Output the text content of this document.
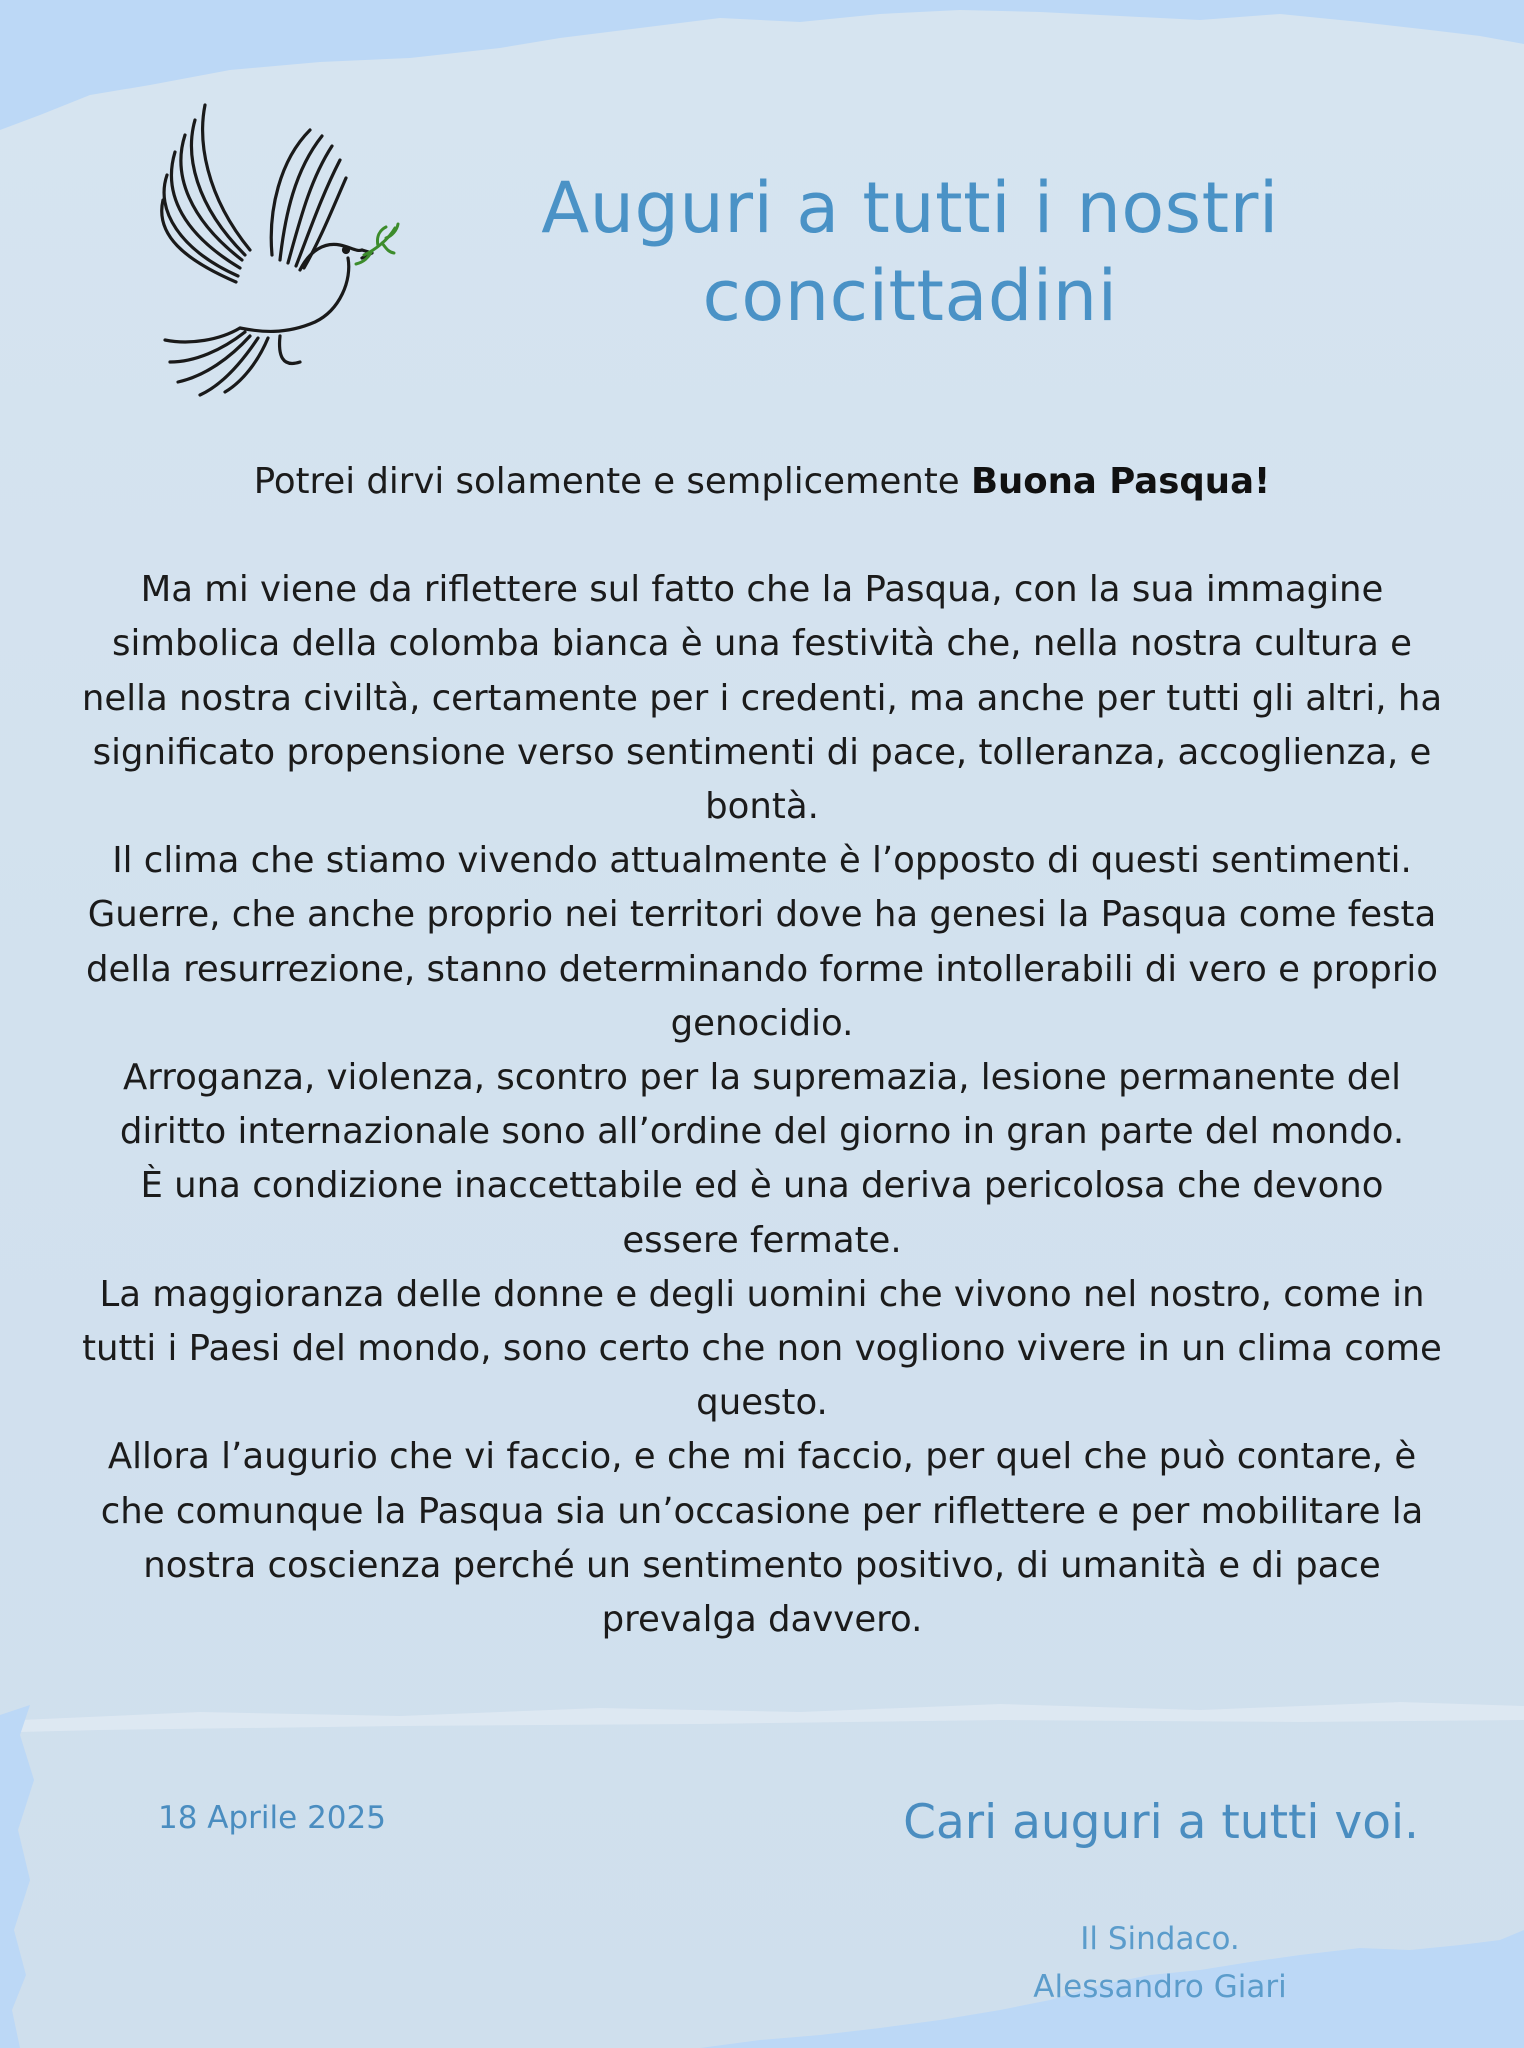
Auguri a tutti i nostri
concittadini

Potrei dirvi solamente e semplicemente Buona Pasqua!

Ma mi viene da riflettere sul fatto che la Pasqua, con la sua immagine simbolica della colomba bianca è una festività che, nella nostra cultura e nella nostra civiltà, certamente per i credenti, ma anche per tutti gli altri, ha significato propensione verso sentimenti di pace, tolleranza, accoglienza, e bontà.

Il clima che stiamo vivendo attualmente è l’opposto di questi sentimenti.

Guerre, che anche proprio nei territori dove ha genesi la Pasqua come festa della resurrezione, stanno determinando forme intollerabili di vero e proprio genocidio.

Arroganza, violenza, scontro per la supremazia, lesione permanente del diritto internazionale sono all’ordine del giorno in gran parte del mondo.

È una condizione inaccettabile ed è una deriva pericolosa che devono essere fermate.

La maggioranza delle donne e degli uomini che vivono nel nostro, come in tutti i Paesi del mondo, sono certo che non vogliono vivere in un clima come questo.

Allora l’augurio che vi faccio, e che mi faccio, per quel che può contare, è che comunque la Pasqua sia un’occasione per riflettere e per mobilitare la nostra coscienza perché un sentimento positivo, di umanità e di pace prevalga davvero.

18 Aprile 2025	Cari auguri a tutti voi.
Il Sindaco.
Alessandro Giari
